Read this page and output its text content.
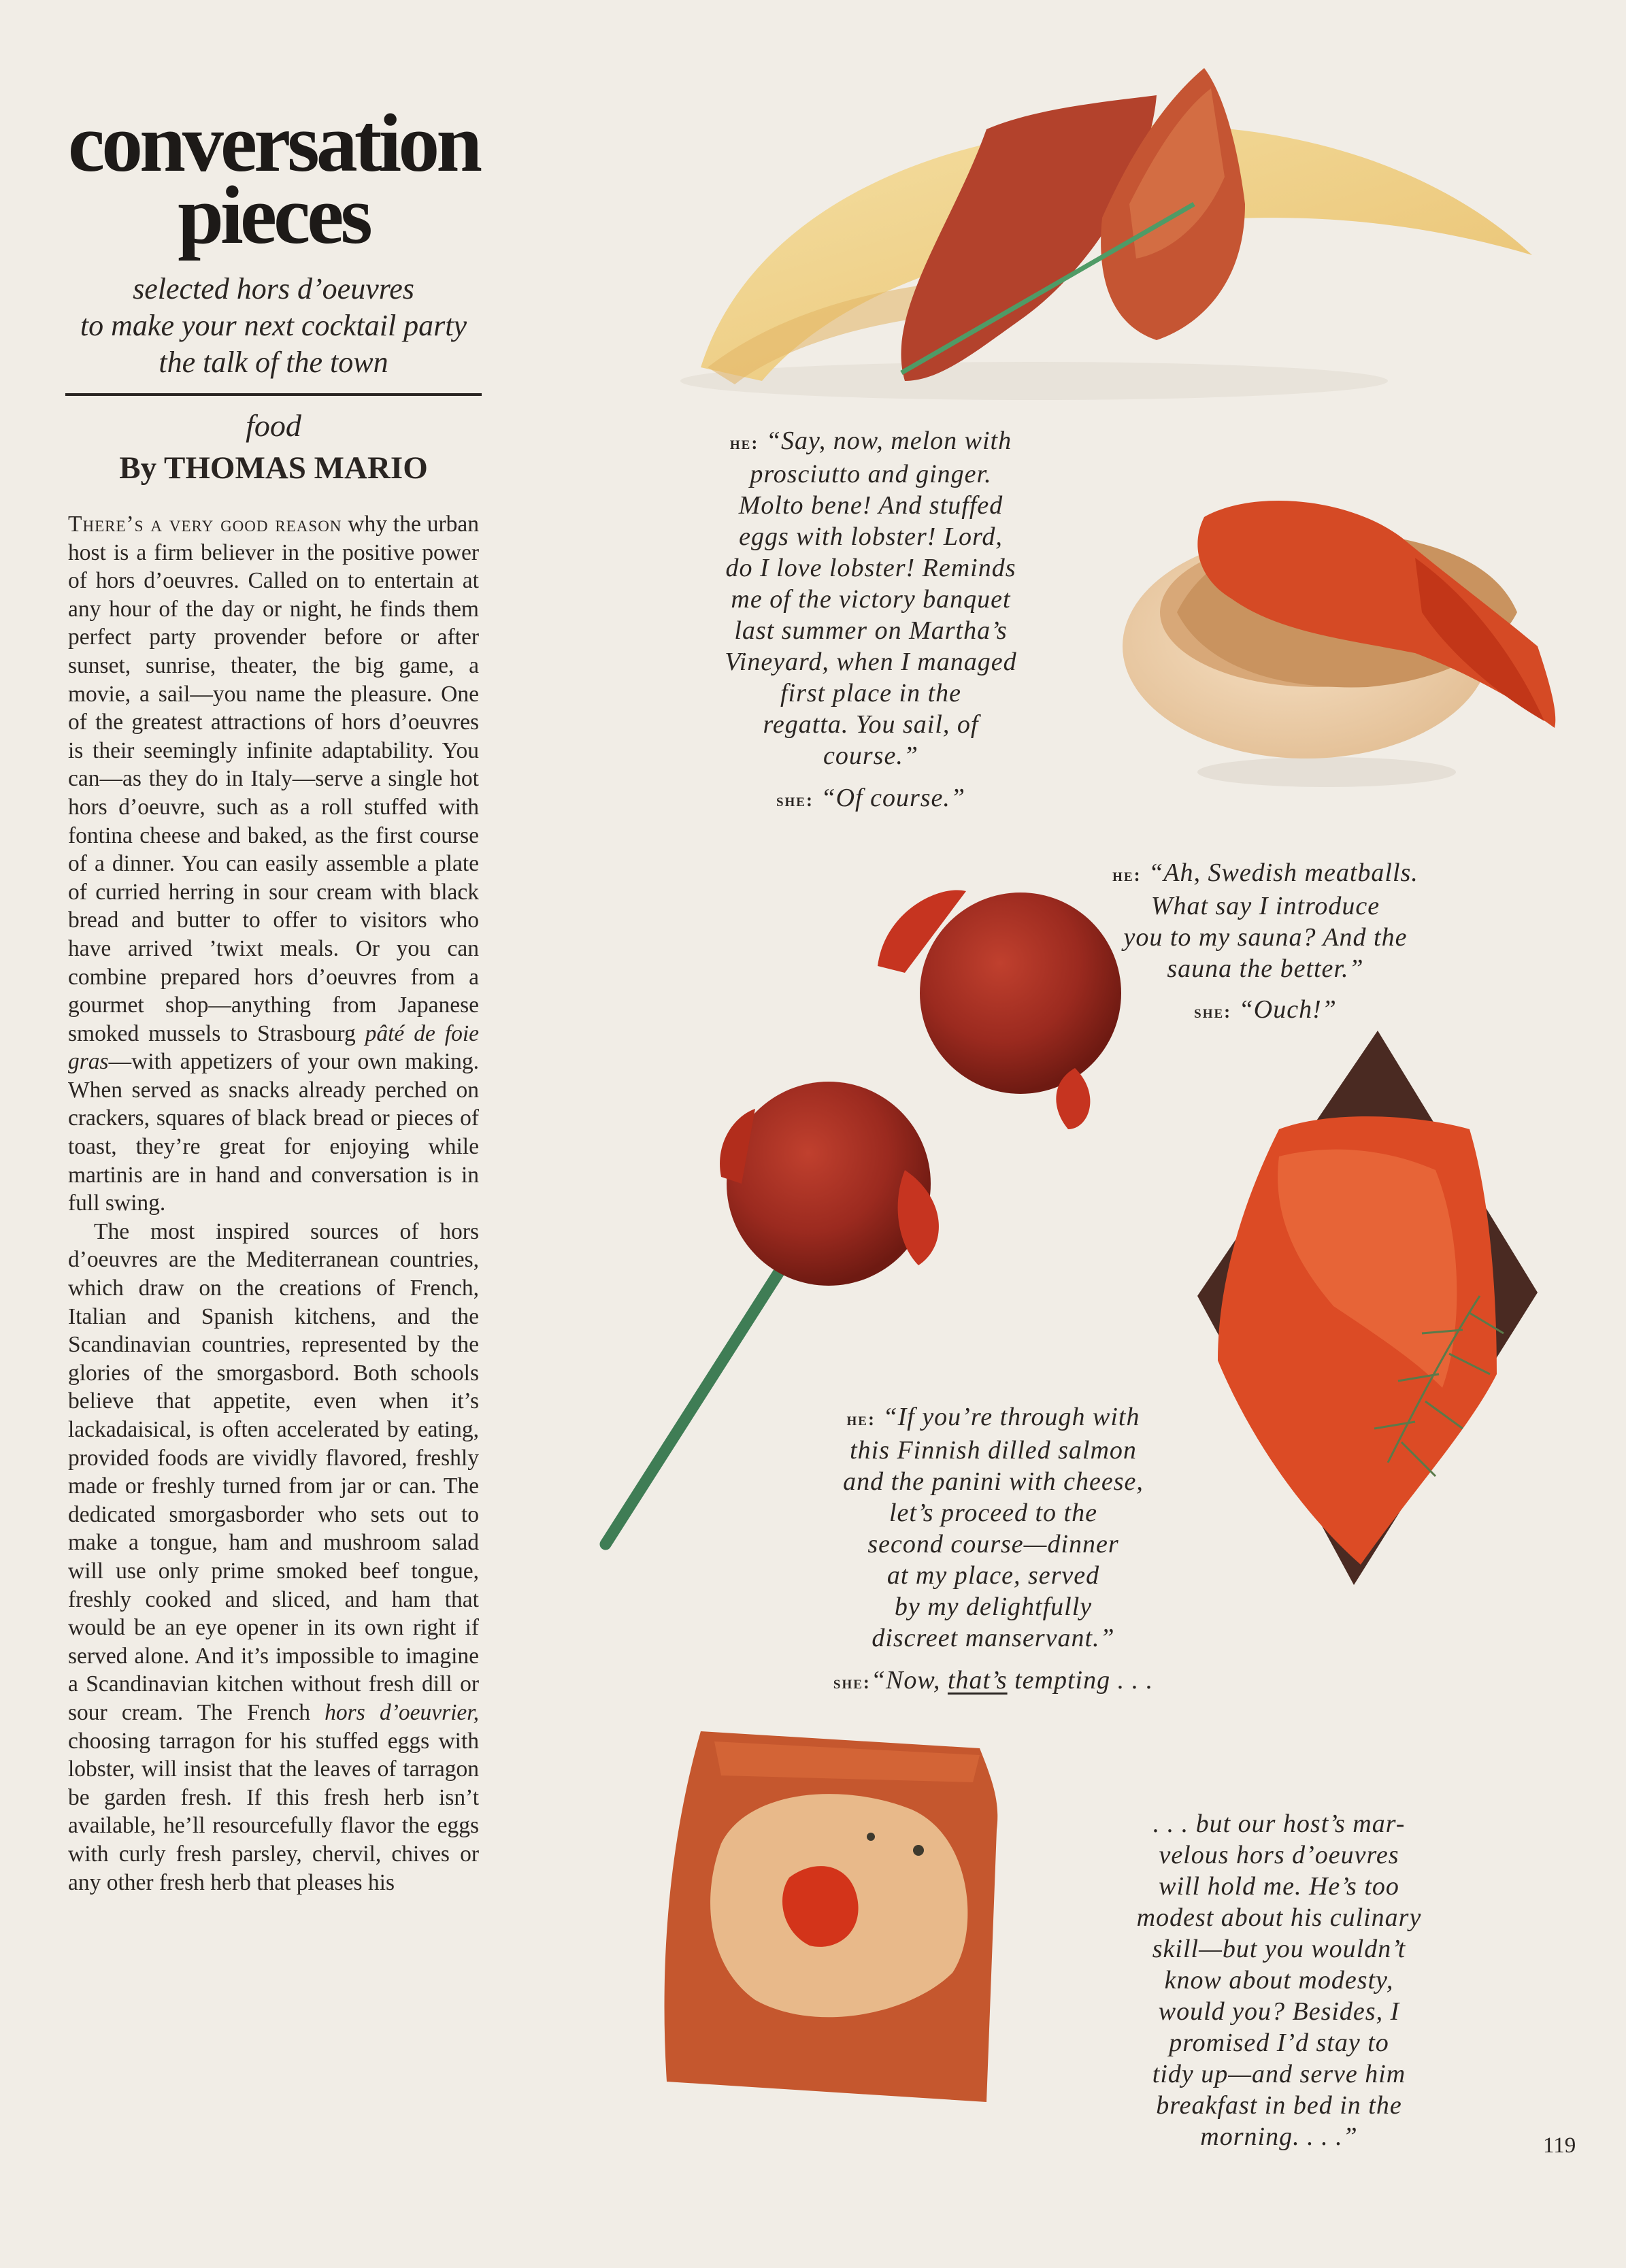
conversation
pieces
selected hors d’oeuvres
to make your next cocktail party
the talk of the town
food
By THOMAS MARIO

There’s a very good reason why the urban host is a firm believer in the positive power of hors d’oeuvres. Called on to entertain at any hour of the day or night, he finds them perfect party provender before or after sunset, sunrise, theater, the big game, a movie, a sail—you name the pleasure. One of the greatest attractions of hors d’oeuvres is their seemingly infinite adaptability. You can—as they do in Italy—serve a single hot hors d’oeuvre, such as a roll stuffed with fontina cheese and baked, as the first course of a dinner. You can easily assemble a plate of curried herring in sour cream with black bread and butter to offer to visitors who have arrived ’twixt meals. Or you can combine prepared hors d’oeuvres from a gourmet shop—anything from Japanese smoked mussels to Strasbourg pâté de foie gras—with appetizers of your own making. When served as snacks already perched on crackers, squares of black bread or pieces of toast, they’re great for enjoying while martinis are in hand and conversation is in full swing.

The most inspired sources of hors d’oeuvres are the Mediterranean countries, which draw on the creations of French, Italian and Spanish kitchens, and the Scandinavian countries, represented by the glories of the smorgasbord. Both schools believe that appetite, even when it’s lackadaisical, is often accelerated by eating, provided foods are vividly flavored, freshly made or freshly turned from jar or can. The dedicated smorgasborder who sets out to make a tongue, ham and mushroom salad will use only prime smoked beef tongue, freshly cooked and sliced, and ham that would be an eye opener in its own right if served alone. And it’s impossible to imagine a Scandinavian kitchen without fresh dill or sour cream. The French hors d’oeuvrier, choosing tarragon for his stuffed eggs with lobster, will insist that the leaves of tarragon be garden fresh. If this fresh herb isn’t available, he’ll resourcefully flavor the eggs with curly fresh parsley, chervil, chives or any other fresh herb that pleases his

he: “Say, now, melon with
prosciutto and ginger.
Molto bene! And stuffed
eggs with lobster! Lord,
do I love lobster! Reminds
me of the victory banquet
last summer on Martha’s
Vineyard, when I managed
first place in the
regatta. You sail, of
course.”
she: “Of course.”
he: “Ah, Swedish meatballs.
What say I introduce
you to my sauna? And the
sauna the better.”
she: “Ouch!”
he: “If you’re through with
this Finnish dilled salmon
and the panini with cheese,
let’s proceed to the
second course—dinner
at my place, served
by my delightfully
discreet manservant.”
she:“Now, that’s tempting . . .
. . . but our host’s mar-
velous hors d’oeuvres
will hold me. He’s too
modest about his culinary
skill—but you wouldn’t
know about modesty,
would you? Besides, I
promised I’d stay to
tidy up—and serve him
breakfast in bed in the
morning. . . .”	119
